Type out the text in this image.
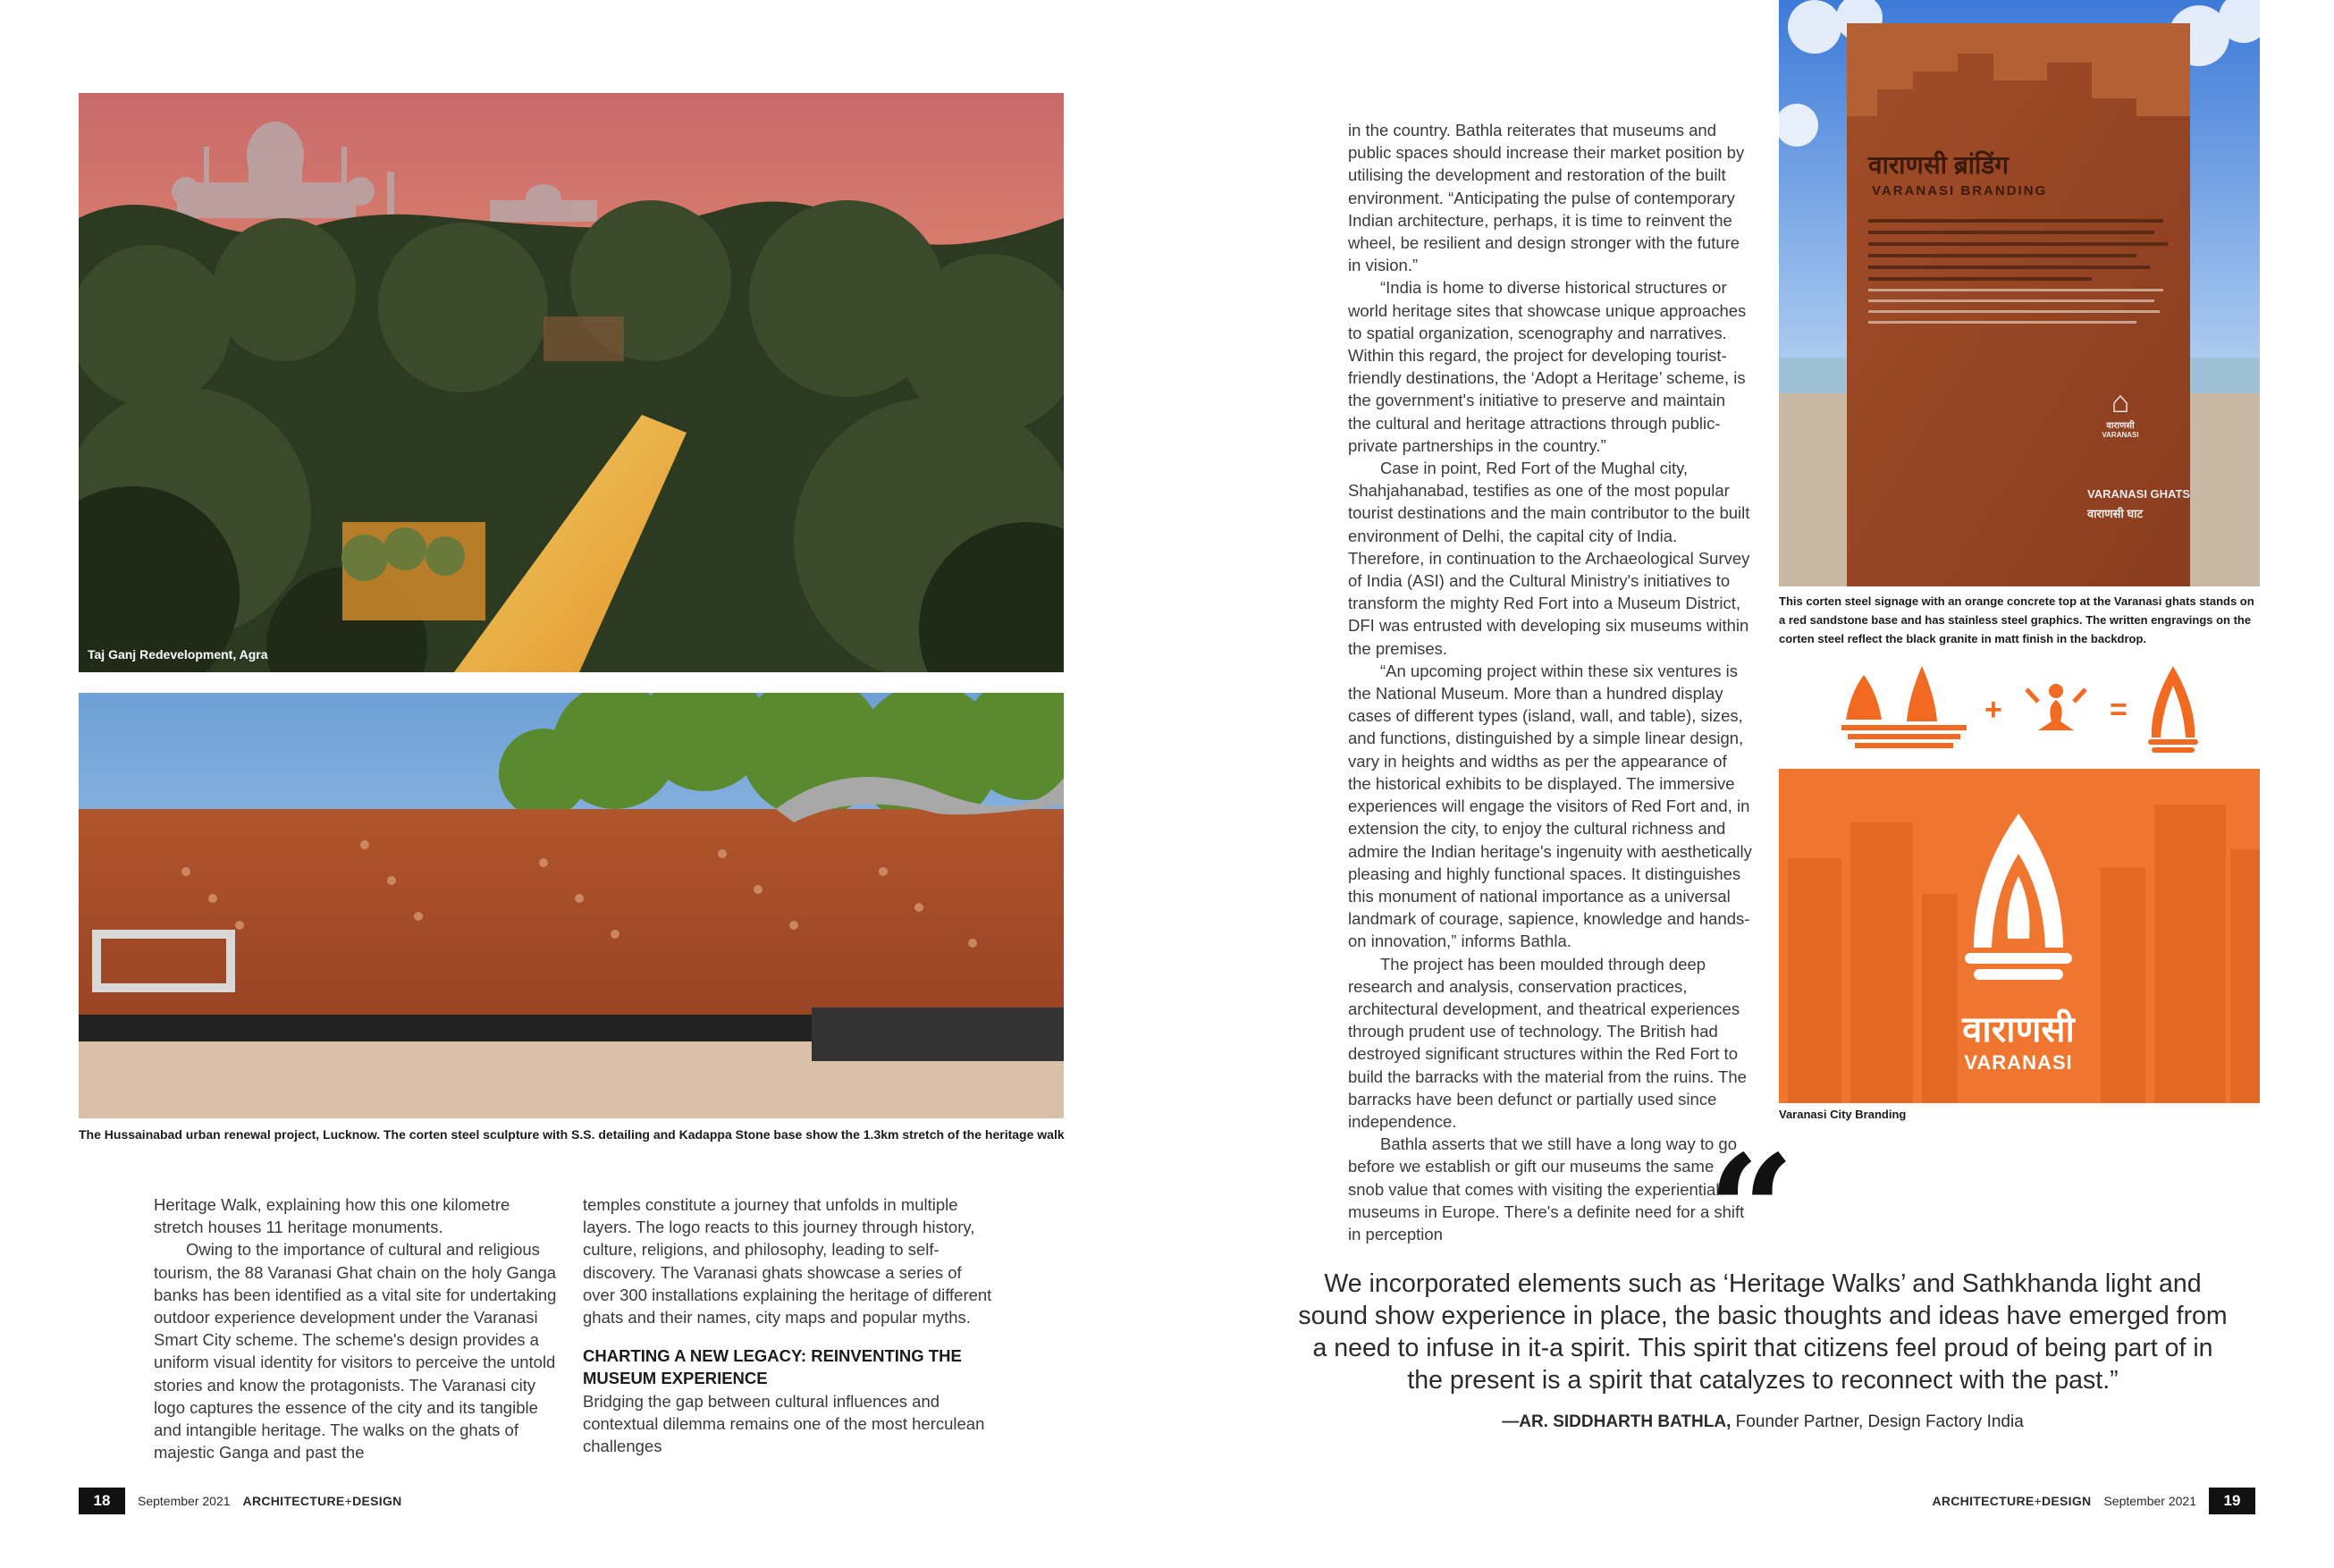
Taj Ganj Redevelopment, Agra
The Hussainabad urban renewal project, Lucknow. The corten steel sculpture with S.S. detailing and Kadappa Stone base show the 1.3km stretch of the heritage walk

Heritage Walk, explaining how this one kilometre stretch houses 11 heritage monuments.

Owing to the importance of cultural and religious tourism, the 88 Varanasi Ghat chain on the holy Ganga banks has been identified as a vital site for undertaking outdoor experience development under the Varanasi Smart City scheme. The scheme's design provides a uniform visual identity for visitors to perceive the untold stories and know the protagonists. The Varanasi city logo captures the essence of the city and its tangible and intangible heritage. The walks on the ghats of majestic Ganga and past the

temples constitute a journey that unfolds in multiple layers. The logo reacts to this journey through history, culture, religions, and philosophy, leading to self-discovery. The Varanasi ghats showcase a series of over 300 installations explaining the heritage of different ghats and their names, city maps and popular myths.

CHARTING A NEW LEGACY: REINVENTING THE MUSEUM EXPERIENCE

Bridging the gap between cultural influences and contextual dilemma remains one of the most herculean challenges

18	September 2021 ARCHITECTURE+DESIGN

in the country. Bathla reiterates that museums and public spaces should increase their market position by utilising the development and restoration of the built environment. “Anticipating the pulse of contemporary Indian architecture, perhaps, it is time to reinvent the wheel, be resilient and design stronger with the future in vision.”

“India is home to diverse historical structures or world heritage sites that showcase unique approaches to spatial organization, scenography and narratives. Within this regard, the project for developing tourist-friendly destinations, the ‘Adopt a Heritage’ scheme, is the government's initiative to preserve and maintain the cultural and heritage attractions through public-private partnerships in the country.”

Case in point, Red Fort of the Mughal city, Shahjahanabad, testifies as one of the most popular tourist destinations and the main contributor to the built environment of Delhi, the capital city of India. Therefore, in continuation to the Archaeological Survey of India (ASI) and the Cultural Ministry's initiatives to transform the mighty Red Fort into a Museum District, DFI was entrusted with developing six museums within the premises.

“An upcoming project within these six ventures is the National Museum. More than a hundred display cases of different types (island, wall, and table), sizes, and functions, distinguished by a simple linear design, vary in heights and widths as per the appearance of the historical exhibits to be displayed. The immersive experiences will engage the visitors of Red Fort and, in extension the city, to enjoy the cultural richness and admire the Indian heritage's ingenuity with aesthetically pleasing and highly functional spaces. It distinguishes this monument of national importance as a universal landmark of courage, sapience, knowledge and hands-on innovation,” informs Bathla.

The project has been moulded through deep research and analysis, conservation practices, architectural development, and theatrical experiences through prudent use of technology. The British had destroyed significant structures within the Red Fort to build the barracks with the material from the ruins. The barracks have been defunct or partially used since independence.

Bathla asserts that we still have a long way to go before we establish or gift our museums the same snob value that comes with visiting the experiential museums in Europe. There's a definite need for a shift in perception

वाराणसी ब्रांडिंग
VARANASI BRANDING
⌂
वाराणसी
VARANASI
VARANASI GHATS
वाराणसी घाट
This corten steel signage with an orange concrete top at the Varanasi ghats stands on a red sandstone base and has stainless steel graphics. The written engravings on the corten steel reflect the black granite in matt finish in the backdrop.
+	=
वाराणसी
VARANASI
Varanasi City Branding
“
We incorporated elements such as ‘Heritage Walks’ and Sathkhanda light and sound show experience in place, the basic thoughts and ideas have emerged from a need to infuse in it-a spirit. This spirit that citizens feel proud of being part of in the present is a spirit that catalyzes to reconnect with the past.”
—AR. SIDDHARTH BATHLA, Founder Partner, Design Factory India
ARCHITECTURE+DESIGN September 2021	19
